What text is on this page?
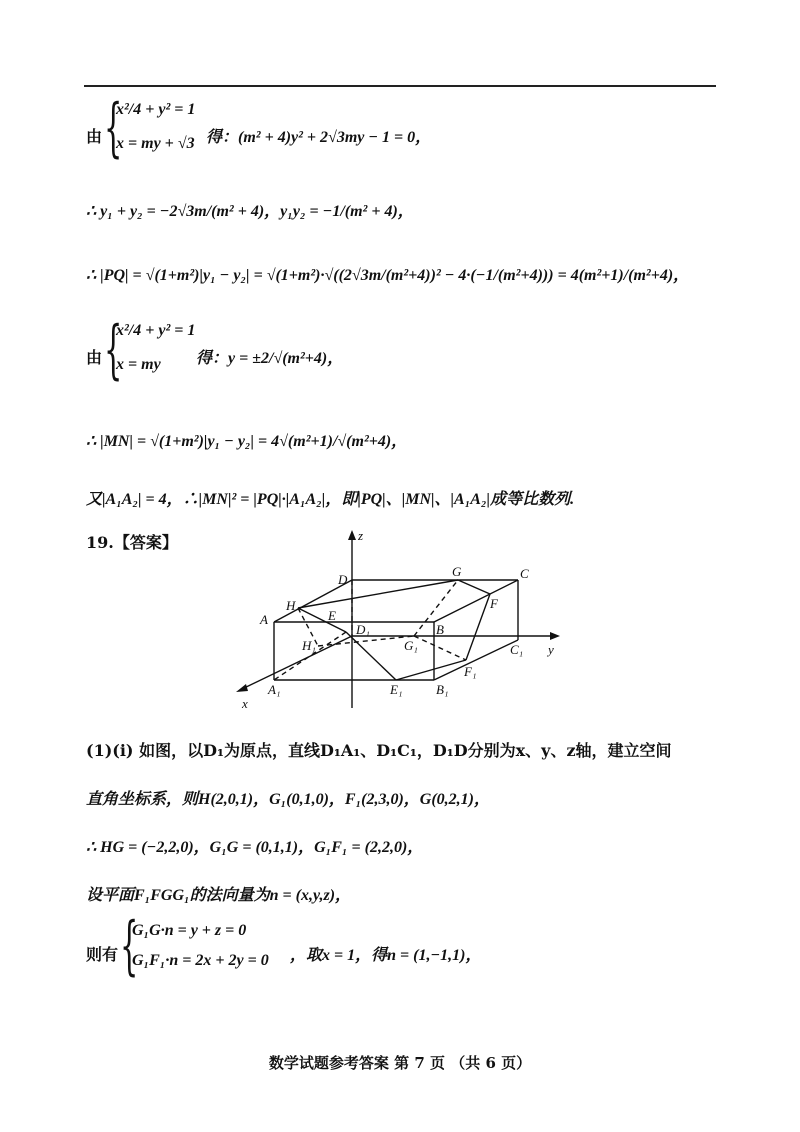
由 {
x²/4 + y² = 1
x = my + √3 得：(m² + 4)y² + 2√3my − 1 = 0，
∴ y₁ + y₂ = −2√3m/(m² + 4)，y₁y₂ = −1/(m² + 4)，
∴ |PQ| = √(1+m²)|y₁ − y₂| = √(1+m²)·√((2√3m/(m²+4))² − 4·(−1/(m²+4))) = 4(m²+1)/(m²+4)，
由 {
x²/4 + y² = 1
x = my	得：y = ±2/√(m²+4)，
∴ |MN| = √(1+m²)|y₁ − y₂| = 4√(m²+1)/√(m²+4)，
又|A₁A₂| = 4，∴|MN|² = |PQ|·|A₁A₂|，即|PQ|、|MN|、|A₁A₂|成等比数列.
19.【答案】	z
y
x
D
G	C
F
A
H
E
D₁	B
H₁	G₁	C₁
A₁	E₁	B₁
F₁
(1)(i) 如图，以D₁为原点，直线D₁A₁、D₁C₁，D₁D分别为x、y、z轴，建立空间
直角坐标系，则H(2,0,1)，G₁(0,1,0)，F₁(2,3,0)，G(0,2,1)，
∴ HG = (−2,2,0)，G₁G = (0,1,1)，G₁F₁ = (2,2,0)，
设平面F₁FGG₁的法向量为n = (x,y,z)，
则有 {
G₁G·n = y + z = 0
G₁F₁·n = 2x + 2y = 0 ，取x = 1，得n = (1,−1,1)，
数学试题参考答案 第 7 页 （共 6 页）
